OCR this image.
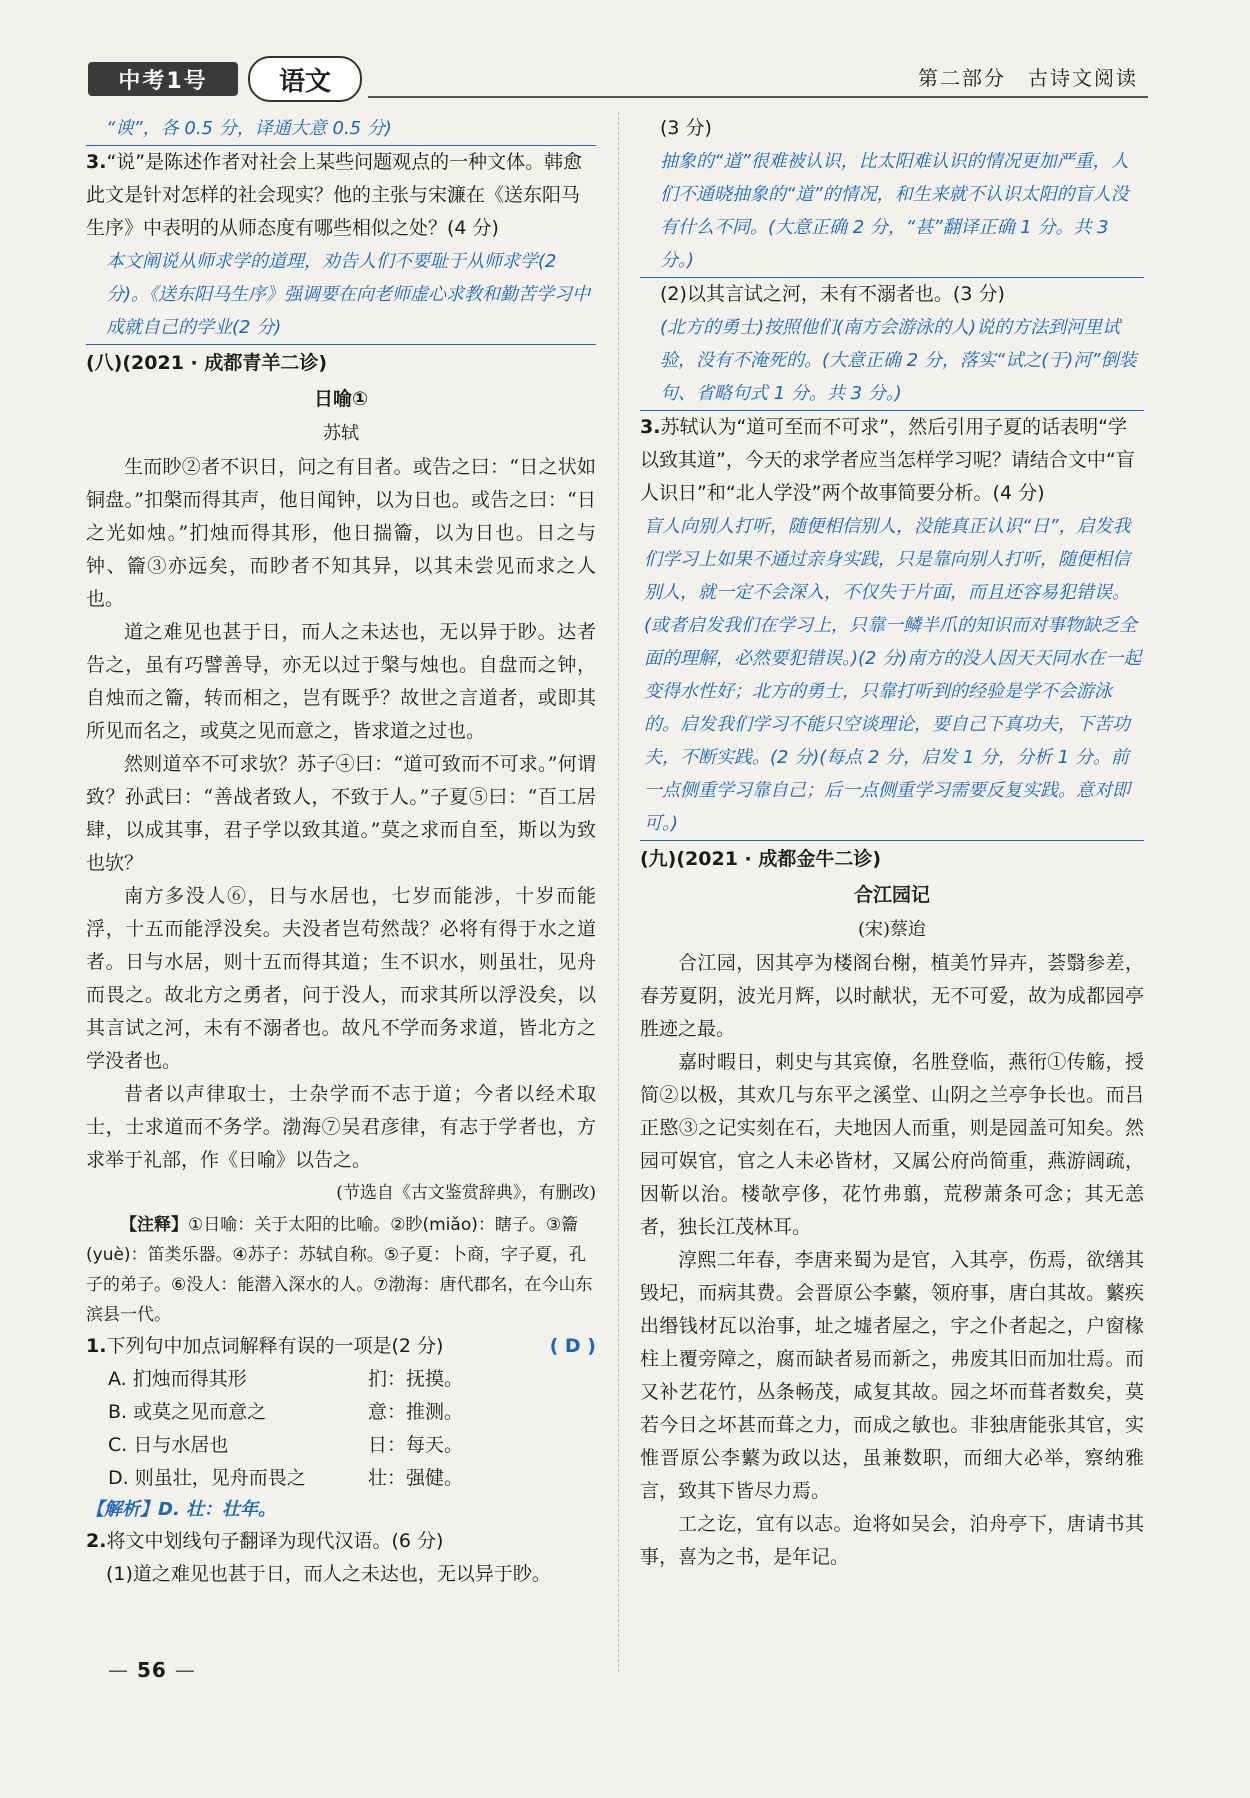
中考1号	语文	第二部分　古诗文阅读

“谀”，各 0.5 分，译通大意 0.5 分)

3.“说”是陈述作者对社会上某些问题观点的一种文体。韩愈此文是针对怎样的社会现实？他的主张与宋濂在《送东阳马生序》中表明的从师态度有哪些相似之处？(4 分)

本文阐说从师求学的道理，劝告人们不要耻于从师求学(2 分)。《送东阳马生序》强调要在向老师虚心求教和勤苦学习中成就自己的学业(2 分)

(八)(2021 · 成都青羊二诊)

日喻①

苏轼

生而眇②者不识日，问之有目者。或告之曰：“日之状如铜盘。”扣槃而得其声，他日闻钟，以为日也。或告之曰：“日之光如烛。”扪烛而得其形，他日揣籥，以为日也。日之与钟、籥③亦远矣，而眇者不知其异，以其未尝见而求之人也。

道之难见也甚于日，而人之未达也，无以异于眇。达者告之，虽有巧譬善导，亦无以过于槃与烛也。自盘而之钟，自烛而之籥，转而相之，岂有既乎？故世之言道者，或即其所见而名之，或莫之见而意之，皆求道之过也。

然则道卒不可求欤？苏子④曰：“道可致而不可求。”何谓致？孙武曰：“善战者致人，不致于人。”子夏⑤曰：“百工居肆，以成其事，君子学以致其道。”莫之求而自至，斯以为致也欤？

南方多没人⑥，日与水居也，七岁而能涉，十岁而能浮，十五而能浮没矣。夫没者岂苟然哉？必将有得于水之道者。日与水居，则十五而得其道；生不识水，则虽壮，见舟而畏之。故北方之勇者，问于没人，而求其所以浮没矣，以其言试之河，未有不溺者也。故凡不学而务求道，皆北方之学没者也。

昔者以声律取士，士杂学而不志于道；今者以经术取士，士求道而不务学。渤海⑦吴君彦律，有志于学者也，方求举于礼部，作《日喻》以告之。

(节选自《古文鉴赏辞典》，有删改)

【注释】①日喻：关于太阳的比喻。②眇(miǎo)：瞎子。③籥(yuè)：笛类乐器。④苏子：苏轼自称。⑤子夏：卜商，字子夏，孔子的弟子。⑥没人：能潜入深水的人。⑦渤海：唐代郡名，在今山东滨县一代。

1.下列句中加点词解释有误的一项是(2 分)	( D )

A. 扪烛而得其形	扪：抚摸。

B. 或莫之见而意之	意：推测。

C. 日与水居也	日：每天。

D. 则虽壮，见舟而畏之	壮：强健。

【解析】D. 壮：壮年。

2.将文中划线句子翻译为现代汉语。(6 分)

(1)道之难见也甚于日，而人之未达也，无以异于眇。

(3 分)

抽象的“道”很难被认识，比太阳难认识的情况更加严重，人们不通晓抽象的“道”的情况，和生来就不认识太阳的盲人没有什么不同。(大意正确 2 分，“甚”翻译正确 1 分。共 3 分。)

(2)以其言试之河，未有不溺者也。(3 分)

(北方的勇士)按照他们(南方会游泳的人)说的方法到河里试验，没有不淹死的。(大意正确 2 分，落实“试之(于)河”倒装句、省略句式 1 分。共 3 分。)

3.苏轼认为“道可至而不可求”，然后引用子夏的话表明“学以致其道”，今天的求学者应当怎样学习呢？请结合文中“盲人识日”和“北人学没”两个故事简要分析。(4 分)

盲人向别人打听，随便相信别人，没能真正认识“日”，启发我们学习上如果不通过亲身实践，只是靠向别人打听，随便相信别人，就一定不会深入，不仅失于片面，而且还容易犯错误。(或者启发我们在学习上，只靠一鳞半爪的知识而对事物缺乏全面的理解，必然要犯错误。)(2 分)南方的没人因天天同水在一起变得水性好；北方的勇士，只靠打听到的经验是学不会游泳的。启发我们学习不能只空谈理论，要自己下真功夫，下苦功夫，不断实践。(2 分)(每点 2 分，启发 1 分，分析 1 分。前一点侧重学习靠自己；后一点侧重学习需要反复实践。意对即可。)

(九)(2021 · 成都金牛二诊)

合江园记

(宋)蔡迨

合江园，因其亭为楼阁台榭，植美竹异卉，荟翳参差，春芳夏阴，波光月辉，以时献状，无不可爱，故为成都园亭胜迹之最。

嘉时暇日，刺史与其宾僚，名胜登临，燕衎①传觞，授简②以极，其欢几与东平之溪堂、山阴之兰亭争长也。而吕正愍③之记实刻在石，夫地因人而重，则是园盖可知矣。然园可娱官，官之人未必皆材，又属公府尚简重，燕游阔疏，因靳以治。楼欹亭侈，花竹弗翦，荒秽萧条可念；其无恙者，独长江茂林耳。

淳熙二年春，李唐来蜀为是官，入其亭，伤焉，欲缮其毁圮，而病其费。会晋原公李蘩，领府事，唐白其故。蘩疾出缗钱材瓦以治事，址之墟者屋之，宇之仆者起之，户窗椽柱上覆旁障之，腐而缺者易而新之，弗废其旧而加壮焉。而又补艺花竹，丛条畅茂，咸复其故。园之坏而葺者数矣，莫若今日之坏甚而葺之力，而成之敏也。非独唐能张其官，实惟晋原公李蘩为政以达，虽兼数职，而细大必举，察纳雅言，致其下皆尽力焉。

工之讫，宜有以志。迨将如吴会，泊舟亭下，唐请书其事，喜为之书，是年记。

— 56 —
